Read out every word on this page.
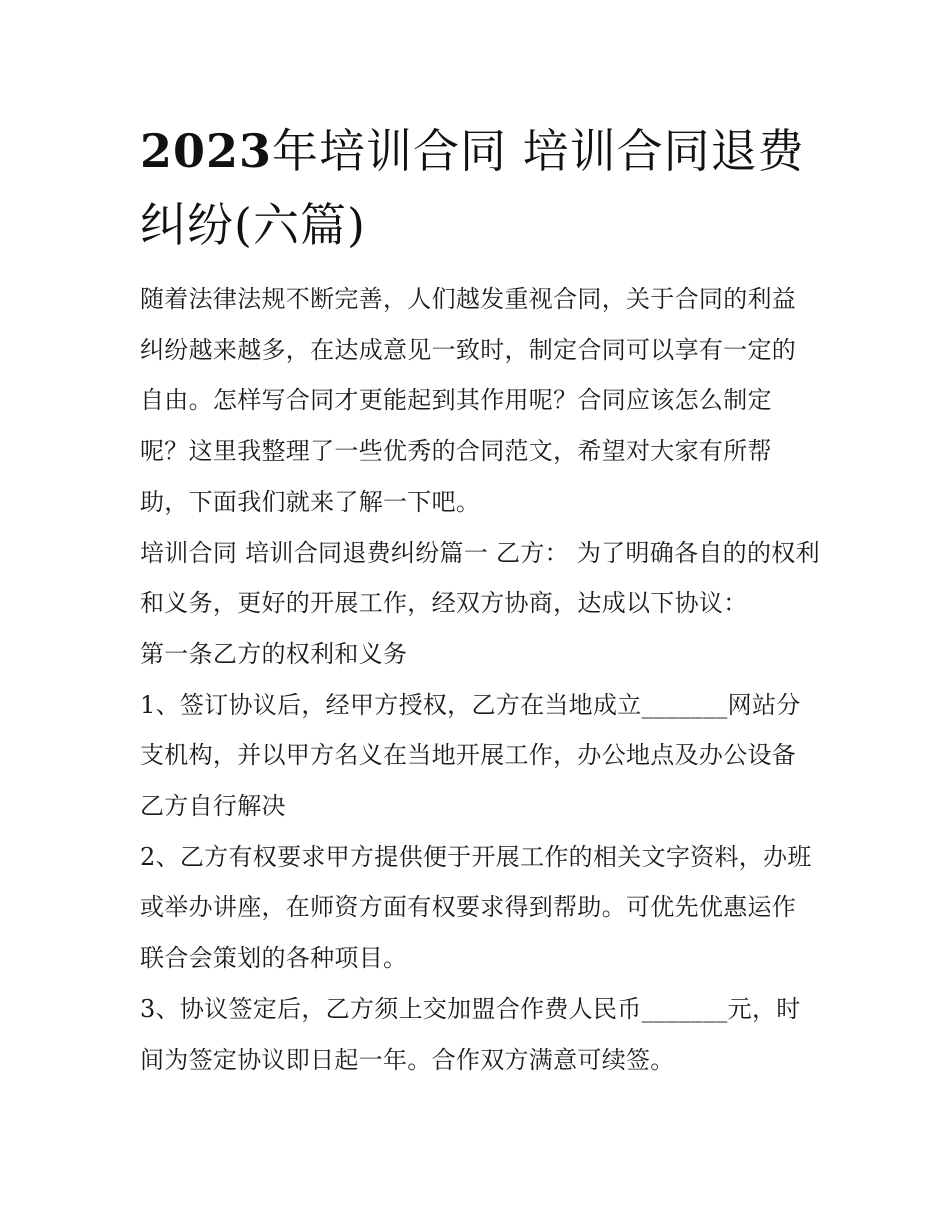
2023年培训合同 培训合同退费纠纷(六篇)

随着法律法规不断完善，人们越发重视合同，关于合同的利益纠纷越来越多，在达成意见一致时，制定合同可以享有一定的自由。怎样写合同才更能起到其作用呢？合同应该怎么制定呢？这里我整理了一些优秀的合同范文，希望对大家有所帮助，下面我们就来了解一下吧。

培训合同 培训合同退费纠纷篇一 乙方： 为了明确各自的的权利和义务，更好的开展工作，经双方协商，达成以下协议：

第一条乙方的权利和义务

1、签订协议后，经甲方授权，乙方在当地成立_______网站分支机构，并以甲方名义在当地开展工作，办公地点及办公设备乙方自行解决

2、乙方有权要求甲方提供便于开展工作的相关文字资料，办班或举办讲座，在师资方面有权要求得到帮助。可优先优惠运作联合会策划的各种项目。

3、协议签定后，乙方须上交加盟合作费人民币_______元，时间为签定协议即日起一年。合作双方满意可续签。
